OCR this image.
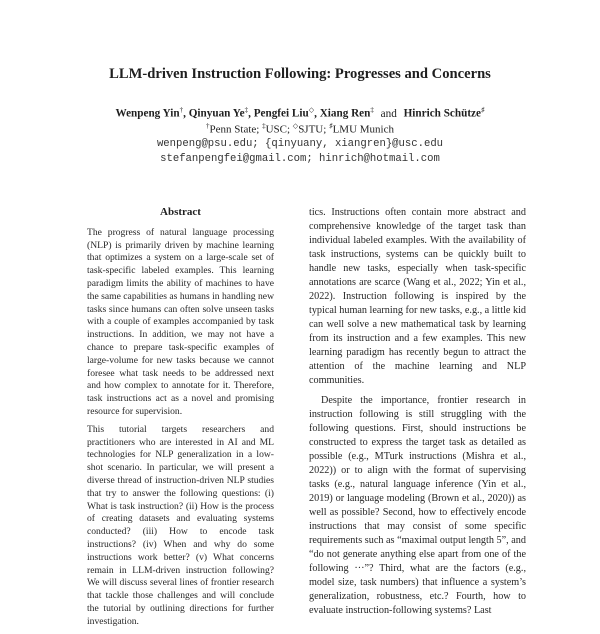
LLM-driven Instruction Following: Progresses and Concerns
Wenpeng Yin†, Qinyuan Ye‡, Pengfei Liu◇, Xiang Ren‡ and Hinrich Schütze♯
†Penn State; ‡USC; ◇SJTU; ♯LMU Munich
wenpeng@psu.edu; {qinyuany, xiangren}@usc.edu
stefanpengfei@gmail.com; hinrich@hotmail.com
Abstract

The progress of natural language processing (NLP) is primarily driven by machine learning that optimizes a system on a large-scale set of task-specific labeled examples. This learning paradigm limits the ability of machines to have the same capabilities as humans in handling new tasks since humans can often solve unseen tasks with a couple of examples accompanied by task instructions. In addition, we may not have a chance to prepare task-specific examples of large-volume for new tasks because we cannot foresee what task needs to be addressed next and how complex to annotate for it. Therefore, task instructions act as a novel and promising resource for supervision.

This tutorial targets researchers and practitioners who are interested in AI and ML technologies for NLP generalization in a low-shot scenario. In particular, we will present a diverse thread of instruction-driven NLP studies that try to answer the following questions: (i) What is task instruction? (ii) How is the process of creating datasets and evaluating systems conducted? (iii) How to encode task instructions? (iv) When and why do some instructions work better? (v) What concerns remain in LLM-driven instruction following? We will discuss several lines of frontier research that tackle those challenges and will conclude the tutorial by outlining directions for further investigation.

tics. Instructions often contain more abstract and comprehensive knowledge of the target task than individual labeled examples. With the availability of task instructions, systems can be quickly built to handle new tasks, especially when task-specific annotations are scarce (Wang et al., 2022; Yin et al., 2022). Instruction following is inspired by the typical human learning for new tasks, e.g., a little kid can well solve a new mathematical task by learning from its instruction and a few examples. This new learning paradigm has recently begun to attract the attention of the machine learning and NLP communities.

Despite the importance, frontier research in instruction following is still struggling with the following questions. First, should instructions be constructed to express the target task as detailed as possible (e.g., MTurk instructions (Mishra et al., 2022)) or to align with the format of supervising tasks (e.g., natural language inference (Yin et al., 2019) or language modeling (Brown et al., 2020)) as well as possible? Second, how to effectively encode instructions that may consist of some specific requirements such as “maximal output length 5”, and “do not generate anything else apart from one of the following ···”? Third, what are the factors (e.g., model size, task numbers) that influence a system’s generalization, robustness, etc.? Fourth, how to evaluate instruction-following systems? Last
